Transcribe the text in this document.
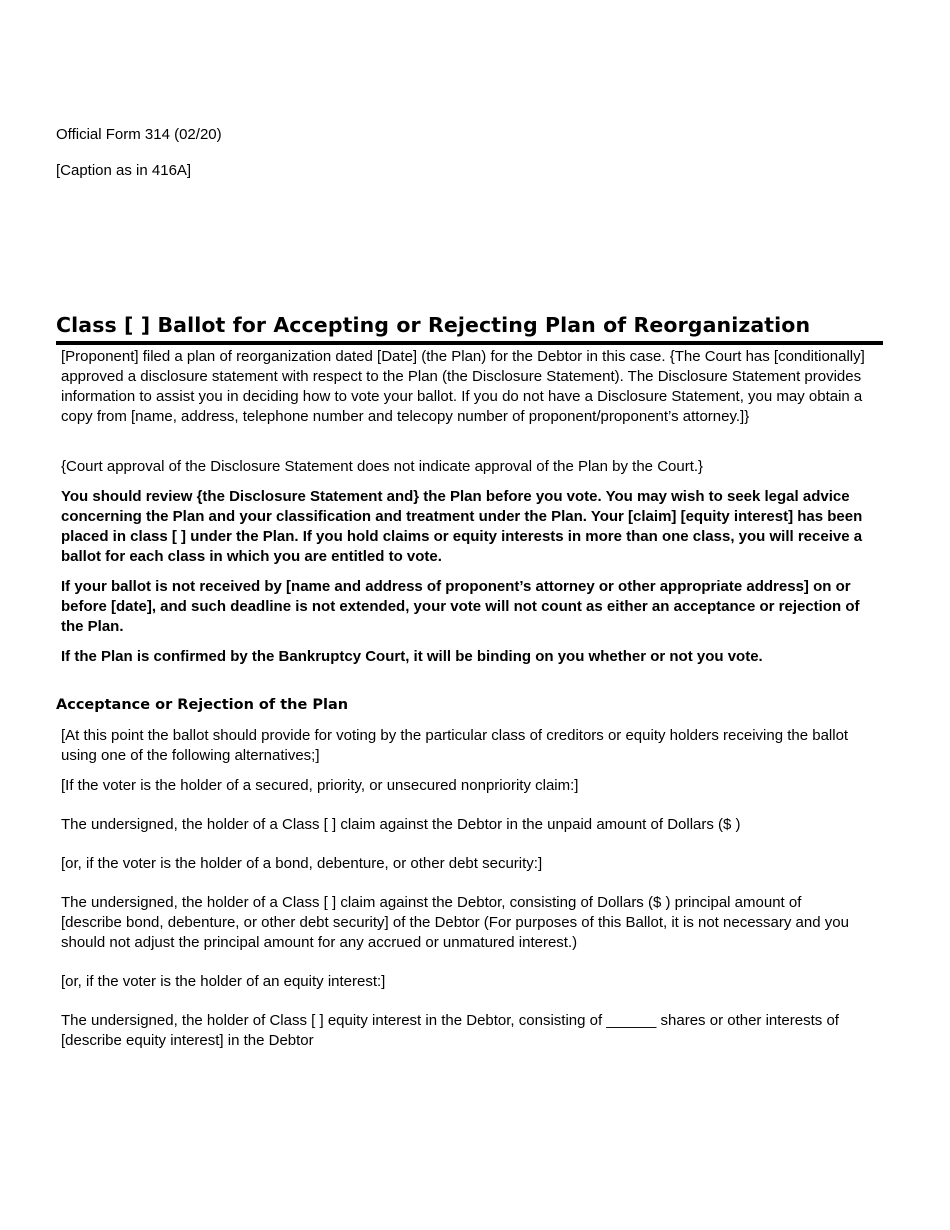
Official Form 314 (02/20)
[Caption as in 416A]
Class [ ] Ballot for Accepting or Rejecting Plan of Reorganization

[Proponent] filed a plan of reorganization dated [Date] (the Plan) for the Debtor in this case. {The Court has [conditionally] approved a disclosure statement with respect to the Plan (the Disclosure Statement). The Disclosure Statement provides information to assist you in deciding how to vote your ballot. If you do not have a Disclosure Statement, you may obtain a copy from [name, address, telephone number and telecopy number of proponent/proponent’s attorney.]}

{Court approval of the Disclosure Statement does not indicate approval of the Plan by the Court.}

You should review {the Disclosure Statement and} the Plan before you vote. You may wish to seek legal advice concerning the Plan and your classification and treatment under the Plan. Your [claim] [equity interest] has been placed in class [ ] under the Plan. If you hold claims or equity interests in more than one class, you will receive a ballot for each class in which you are entitled to vote.

If your ballot is not received by [name and address of proponent’s attorney or other appropriate address] on or before [date], and such deadline is not extended, your vote will not count as either an acceptance or rejection of the Plan.

If the Plan is confirmed by the Bankruptcy Court, it will be binding on you whether or not you vote.

Acceptance or Rejection of the Plan

[At this point the ballot should provide for voting by the particular class of creditors or equity holders receiving the ballot using one of the following alternatives;]

[If the voter is the holder of a secured, priority, or unsecured nonpriority claim:]

The undersigned, the holder of a Class [ ] claim against the Debtor in the unpaid amount of Dollars ($ )

[or, if the voter is the holder of a bond, debenture, or other debt security:]

The undersigned, the holder of a Class [ ] claim against the Debtor, consisting of Dollars ($ ) principal amount of [describe bond, debenture, or other debt security] of the Debtor (For purposes of this Ballot, it is not necessary and you should not adjust the principal amount for any accrued or unmatured interest.)

[or, if the voter is the holder of an equity interest:]

The undersigned, the holder of Class [ ] equity interest in the Debtor, consisting of ______ shares or other interests of [describe equity interest] in the Debtor
